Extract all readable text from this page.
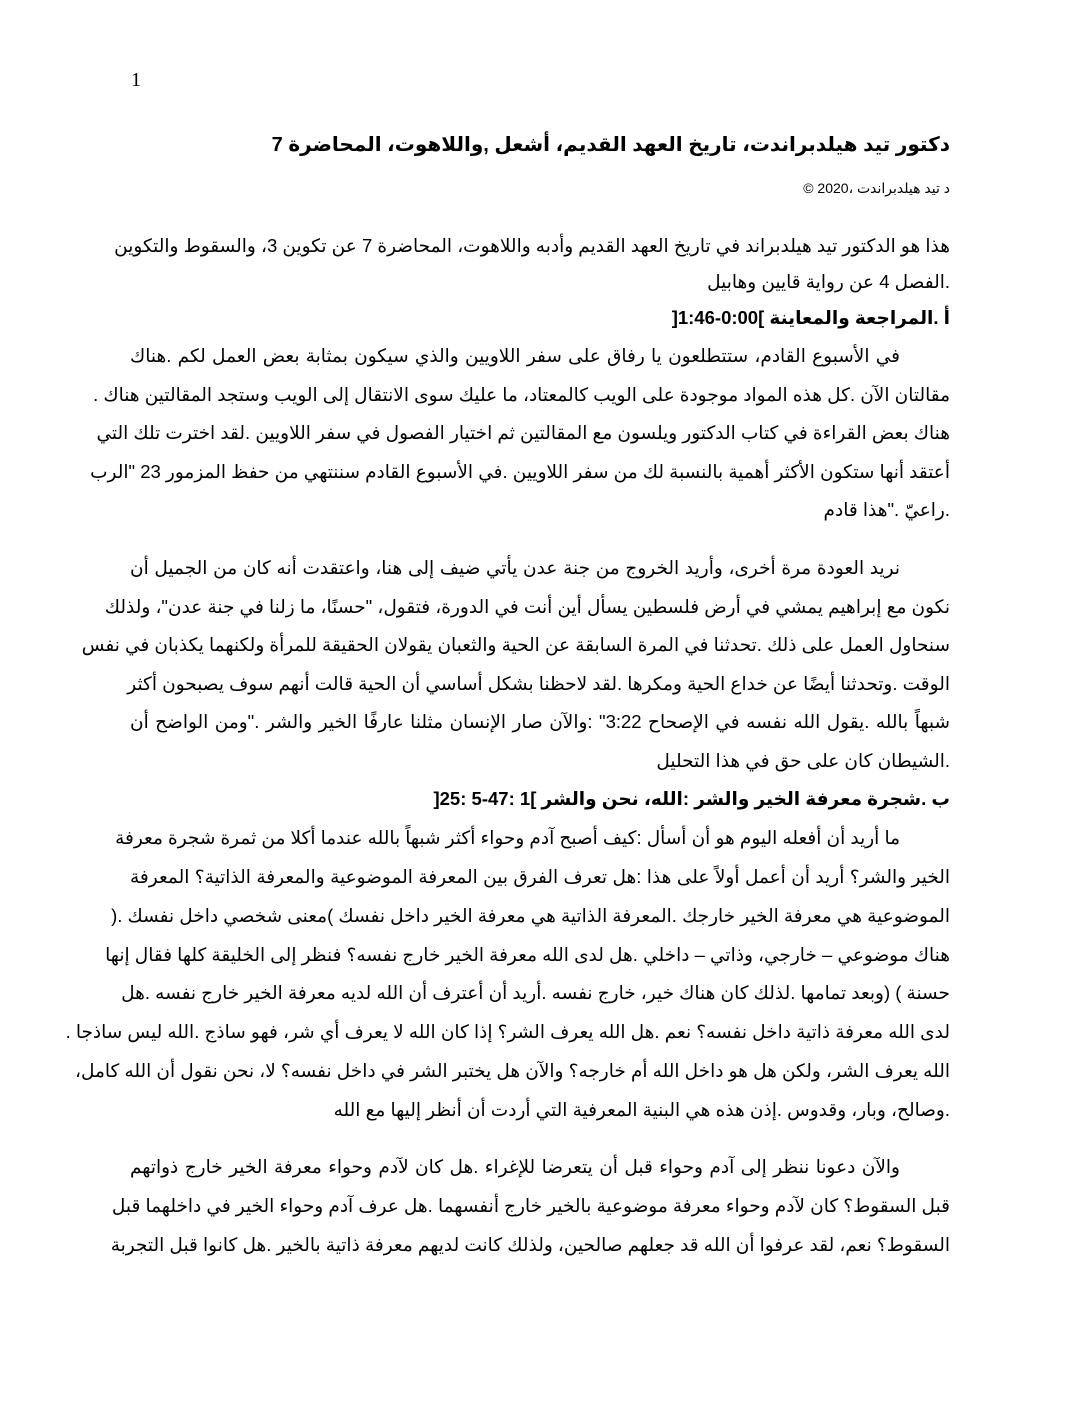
1
دكتور تيد هيلدبراندت، تاريخ العهد القديم، أشعل ,واللاهوت، المحاضرة 7
د تيد هيلدبراندت ،2020 ©
هذا هو الدكتور تيد هيلدبراند في تاريخ العهد القديم وأدبه واللاهوت، المحاضرة 7 عن تكوين 3، والسقوط والتكوين
.الفصل 4 عن رواية قايين وهابيل
أ .المراجعة والمعاينة ]0:00-1:46[
في الأسبوع القادم، ستتطلعون يا رفاق على سفر اللاويين والذي سيكون بمثابة بعض العمل لكم .هناك
مقالتان الآن .كل هذه المواد موجودة على الويب كالمعتاد، ما عليك سوى الانتقال إلى الويب وستجد المقالتين هناك .
هناك بعض القراءة في كتاب الدكتور ويلسون مع المقالتين ثم اختيار الفصول في سفر اللاويين .لقد اخترت تلك التي
أعتقد أنها ستكون الأكثر أهمية بالنسبة لك من سفر اللاويين .في الأسبوع القادم سننتهي من حفظ المزمور 23 "الرب
.راعيّ ."هذا قادم
نريد العودة مرة أخرى، وأريد الخروج من جنة عدن يأتي ضيف إلى هنا، واعتقدت أنه كان من الجميل أن
نكون مع إبراهيم يمشي في أرض فلسطين يسأل أين أنت في الدورة، فتقول، "حسنًا، ما زلنا في جنة عدن"، ولذلك
سنحاول العمل على ذلك .تحدثنا في المرة السابقة عن الحية والثعبان يقولان الحقيقة للمرأة ولكنهما يكذبان في نفس
الوقت .وتحدثنا أيضًا عن خداع الحية ومكرها .لقد لاحظنا بشكل أساسي أن الحية قالت أنهم سوف يصبحون أكثر
شبهاً بالله .يقول الله نفسه في الإصحاح 3:22" :والآن صار الإنسان مثلنا عارفًا الخير والشر ."ومن الواضح أن
.الشيطان كان على حق في هذا التحليل
ب .شجرة معرفة الخير والشر :الله، نحن والشر ]1 :47-5 :25[
ما أريد أن أفعله اليوم هو أن أسأل :كيف أصبح آدم وحواء أكثر شبهاً بالله عندما أكلا من ثمرة شجرة معرفة
الخير والشر؟ أريد أن أعمل أولاً على هذا :هل تعرف الفرق بين المعرفة الموضوعية والمعرفة الذاتية؟ المعرفة
الموضوعية هي معرفة الخير خارجك .المعرفة الذاتية هي معرفة الخير داخل نفسك )معنى شخصي داخل نفسك .(
هناك موضوعي – خارجي، وذاتي – داخلي .هل لدى الله معرفة الخير خارج نفسه؟ فنظر إلى الخليقة كلها فقال إنها
حسنة ) (وبعد تمامها .لذلك كان هناك خير، خارج نفسه .أريد أن أعترف أن الله لديه معرفة الخير خارج نفسه .هل
لدى الله معرفة ذاتية داخل نفسه؟ نعم .هل الله يعرف الشر؟ إذا كان الله لا يعرف أي شر، فهو ساذج .الله ليس ساذجا .
الله يعرف الشر، ولكن هل هو داخل الله أم خارجه؟ والآن هل يختبر الشر في داخل نفسه؟ لا، نحن نقول أن الله كامل،
.وصالح، وبار، وقدوس .إذن هذه هي البنية المعرفية التي أردت أن أنظر إليها مع الله
والآن دعونا ننظر إلى آدم وحواء قبل أن يتعرضا للإغراء .هل كان لآدم وحواء معرفة الخير خارج ذواتهم
قبل السقوط؟ كان لآدم وحواء معرفة موضوعية بالخير خارج أنفسهما .هل عرف آدم وحواء الخير في داخلهما قبل
السقوط؟ نعم، لقد عرفوا أن الله قد جعلهم صالحين، ولذلك كانت لديهم معرفة ذاتية بالخير .هل كانوا قبل التجربة
